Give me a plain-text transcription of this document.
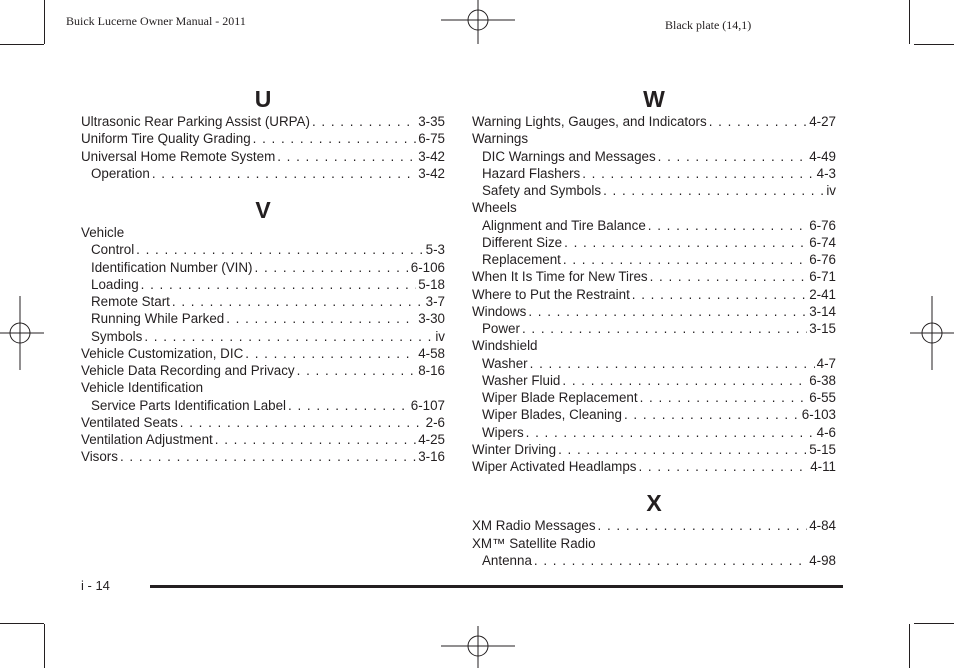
Buick Lucerne Owner Manual - 2011	Black plate (14,1)
U
Ultrasonic Rear Parking Assist (URPA) . . .	3-35
Uniform Tire Quality Grading . . .	6-75
Universal Home Remote System . . .	3-42
Operation . . .	3-42
V
Vehicle
Control . . .	5-3
Identification Number (VIN) . . .	6-106
Loading . . .	5-18
Remote Start . . .	3-7
Running While Parked . . .	3-30
Symbols . . .	iv
Vehicle Customization, DIC . . .	4-58
Vehicle Data Recording and Privacy . . .	8-16
Vehicle Identification
Service Parts Identification Label . . .	6-107
Ventilated Seats . . .	2-6
Ventilation Adjustment . . .	4-25
Visors . . .	3-16
W
Warning Lights, Gauges, and Indicators . . .	4-27
Warnings
DIC Warnings and Messages . . .	4-49
Hazard Flashers . . .	4-3
Safety and Symbols . . .	iv
Wheels
Alignment and Tire Balance . . .	6-76
Different Size . . .	6-74
Replacement . . .	6-76
When It Is Time for New Tires . . .	6-71
Where to Put the Restraint . . .	2-41
Windows . . .	3-14
Power . . .	3-15
Windshield
Washer . . .	4-7
Washer Fluid . . .	6-38
Wiper Blade Replacement . . .	6-55
Wiper Blades, Cleaning . . .	6-103
Wipers . . .	4-6
Winter Driving . . .	5-15
Wiper Activated Headlamps . . .	4-11
X
XM Radio Messages . . .	4-84
XM™ Satellite Radio
Antenna . . .	4-98
i - 14
